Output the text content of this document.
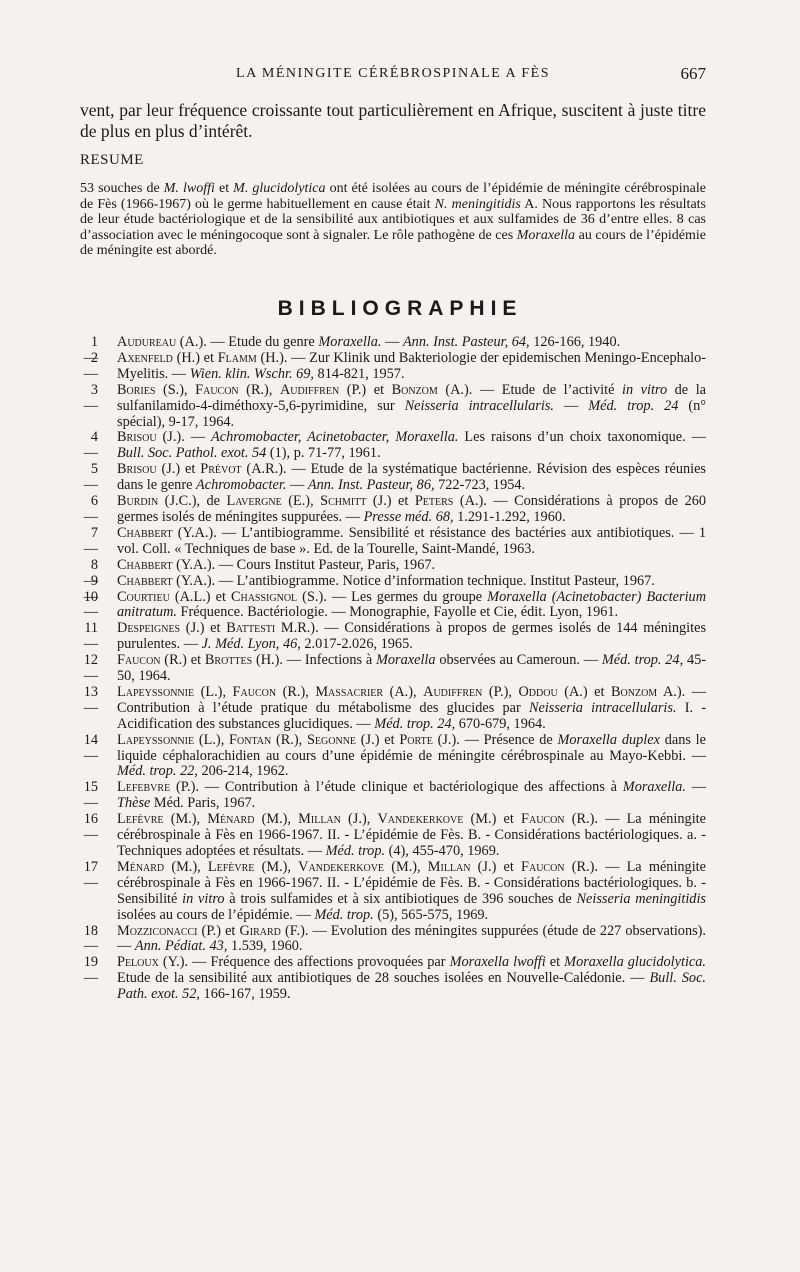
LA MÉNINGITE CÉRÉBROSPINALE A FÈS	667

vent, par leur fréquence croissante tout particulièrement en Afrique, suscitent à juste titre de plus en plus d’intérêt.

RESUME

53 souches de M. lwoffi et M. glucidolytica ont été isolées au cours de l’épidémie de méningite cérébrospinale de Fès (1966-1967) où le germe habituellement en cause était N. meningitidis A. Nous rapportons les résultats de leur étude bactériologique et de la sensibilité aux antibiotiques et aux sulfamides de 36 d’entre elles. 8 cas d’association avec le méningocoque sont à signaler. Le rôle pathogène de ces Moraxella au cours de l’épidémie de méningite est abordé.

BIBLIOGRAPHIE
1 — Audureau (A.). — Etude du genre Moraxella. — Ann. Inst. Pasteur, 64, 126-166, 1940.
2 — Axenfeld (H.) et Flamm (H.). — Zur Klinik und Bakteriologie der epidemischen Meningo-Encephalo-Myelitis. — Wien. klin. Wschr. 69, 814-821, 1957.
3 — Bories (S.), Faucon (R.), Audiffren (P.) et Bonzom (A.). — Etude de l’activité in vitro de la sulfanilamido-4-diméthoxy-5,6-pyrimidine, sur Neisseria intracellularis. — Méd. trop. 24 (n° spécial), 9-17, 1964.
4 — Brisou (J.). — Achromobacter, Acinetobacter, Moraxella. Les raisons d’un choix taxonomique. — Bull. Soc. Pathol. exot. 54 (1), p. 71-77, 1961.
5 — Brisou (J.) et Prévot (A.R.). — Etude de la systématique bactérienne. Révision des espèces réunies dans le genre Achromobacter. — Ann. Inst. Pasteur, 86, 722-723, 1954.
6 — Burdin (J.C.), de Lavergne (E.), Schmitt (J.) et Peters (A.). — Considérations à propos de 260 germes isolés de méningites suppurées. — Presse méd. 68, 1.291-1.292, 1960.
7 — Chabbert (Y.A.). — L’antibiogramme. Sensibilité et résistance des bactéries aux antibiotiques. — 1 vol. Coll. « Techniques de base ». Ed. de la Tourelle, Saint-Mandé, 1963.
8 — Chabbert (Y.A.). — Cours Institut Pasteur, Paris, 1967.
9 — Chabbert (Y.A.). — L’antibiogramme. Notice d’information technique. Institut Pasteur, 1967.
10 — Courtieu (A.L.) et Chassignol (S.). — Les germes du groupe Moraxella (Acinetobacter) Bacterium anitratum. Fréquence. Bactériologie. — Monographie, Fayolle et Cie, édit. Lyon, 1961.
11 — Despeignes (J.) et Battesti M.R.). — Considérations à propos de germes isolés de 144 méningites purulentes. — J. Méd. Lyon, 46, 2.017-2.026, 1965.
12 — Faucon (R.) et Brottes (H.). — Infections à Moraxella observées au Cameroun. — Méd. trop. 24, 45-50, 1964.
13 — Lapeyssonnie (L.), Faucon (R.), Massacrier (A.), Audiffren (P.), Oddou (A.) et Bonzom A.). — Contribution à l’étude pratique du métabolisme des glucides par Neisseria intracellularis. I. - Acidification des substances glucidiques. — Méd. trop. 24, 670-679, 1964.
14 — Lapeyssonnie (L.), Fontan (R.), Segonne (J.) et Porte (J.). — Présence de Moraxella duplex dans le liquide céphalorachidien au cours d’une épidémie de méningite cérébrospinale au Mayo-Kebbi. — Méd. trop. 22, 206-214, 1962.
15 — Lefebvre (P.). — Contribution à l’étude clinique et bactériologique des affections à Moraxella. — Thèse Méd. Paris, 1967.
16 — Lefèvre (M.), Ménard (M.), Millan (J.), Vandekerkove (M.) et Faucon (R.). — La méningite cérébrospinale à Fès en 1966-1967. II. - L’épidémie de Fès. B. - Considérations bactériologiques. a. - Techniques adoptées et résultats. — Méd. trop. (4), 455-470, 1969.
17 — Ménard (M.), Lefèvre (M.), Vandekerkove (M.), Millan (J.) et Faucon (R.). — La méningite cérébrospinale à Fès en 1966-1967. II. - L’épidémie de Fès. B. - Considérations bactériologiques. b. - Sensibilité in vitro à trois sulfamides et à six antibiotiques de 396 souches de Neisseria meningitidis isolées au cours de l’épidémie. — Méd. trop. (5), 565-575, 1969.
18 — Mozziconacci (P.) et Girard (F.). — Evolution des méningites suppurées (étude de 227 observations). — Ann. Pédiat. 43, 1.539, 1960.
19 — Peloux (Y.). — Fréquence des affections provoquées par Moraxella lwoffi et Moraxella glucidolytica. Etude de la sensibilité aux antibiotiques de 28 souches isolées en Nouvelle-Calédonie. — Bull. Soc. Path. exot. 52, 166-167, 1959.
